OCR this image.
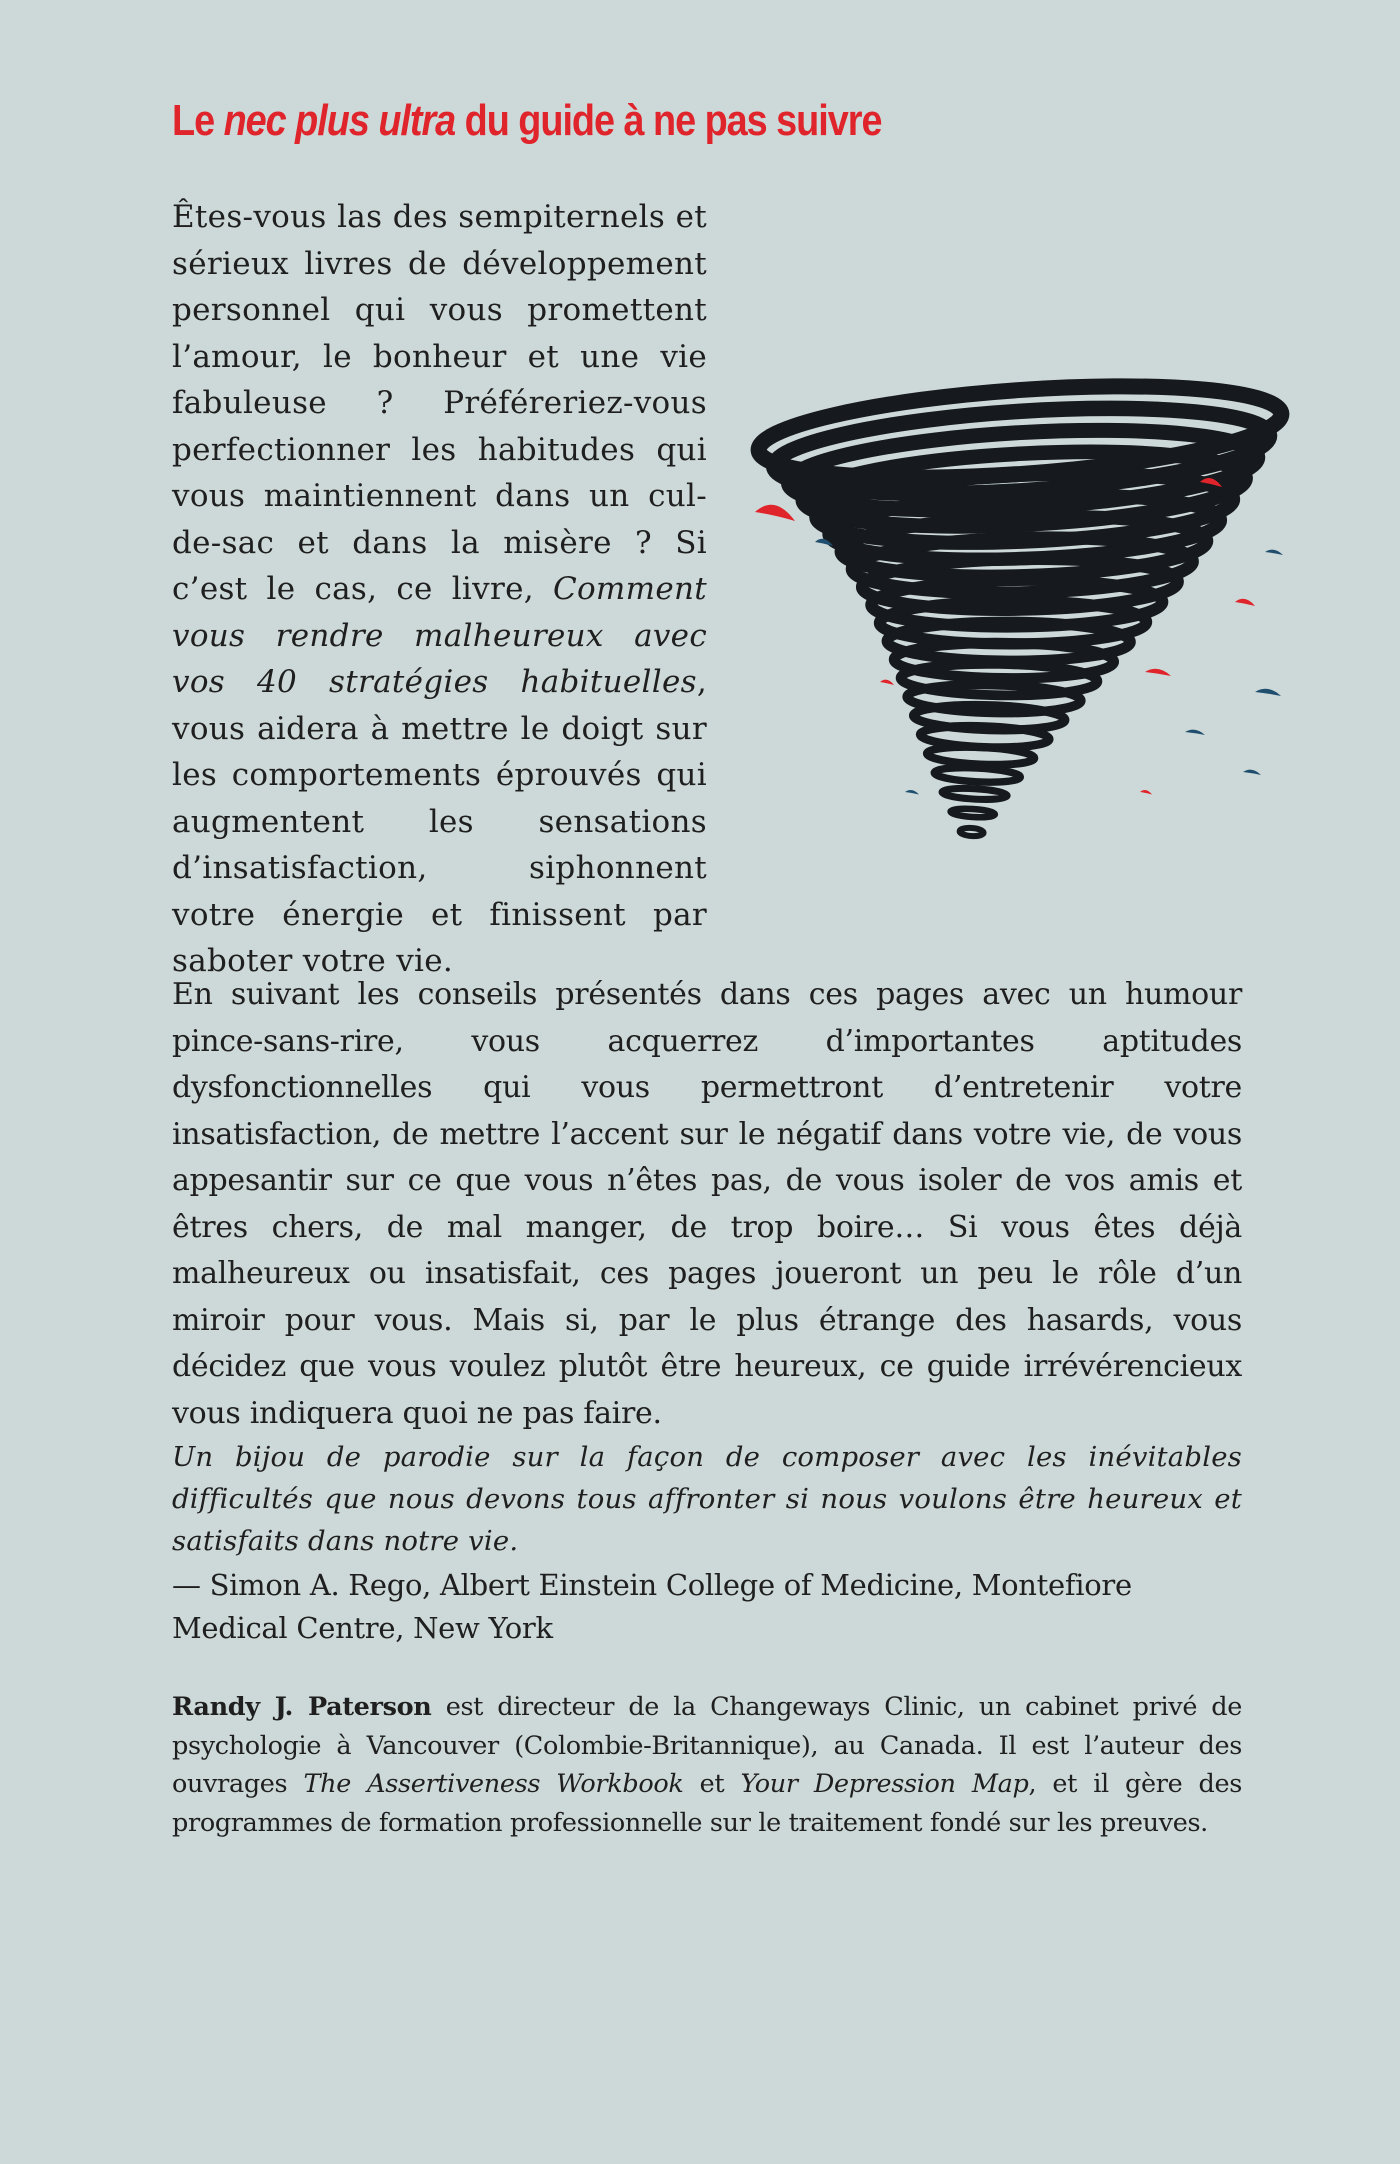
Le nec plus ultra du guide à ne pas suivre

Êtes-vous las des sempiternels et sérieux livres de développement personnel qui vous promettent l’amour, le bonheur et une vie fabuleuse ? Préféreriez-vous perfectionner les habitudes qui vous maintiennent dans un cul-de-sac et dans la misère ? Si c’est le cas, ce livre, Comment vous rendre malheureux avec vos 40 stratégies habituelles, vous aidera à mettre le doigt sur les comportements éprouvés qui augmentent les sensations d’insatisfaction, siphonnent votre énergie et finissent par saboter votre vie.

En suivant les conseils présentés dans ces pages avec un humour pince-sans-rire, vous acquerrez d’importantes aptitudes dysfonctionnelles qui vous permettront d’entretenir votre insatisfaction, de mettre l’accent sur le négatif dans votre vie, de vous appesantir sur ce que vous n’êtes pas, de vous isoler de vos amis et êtres chers, de mal manger, de trop boire… Si vous êtes déjà malheureux ou insatisfait, ces pages joueront un peu le rôle d’un miroir pour vous. Mais si, par le plus étrange des hasards, vous décidez que vous voulez plutôt être heureux, ce guide irrévérencieux vous indiquera quoi ne pas faire.

Un bijou de parodie sur la façon de composer avec les inévitables difficultés que nous devons tous affronter si nous voulons être heureux et satisfaits dans notre vie.

— Simon A. Rego, Albert Einstein College of Medicine, Montefiore Medical Centre, New York

Randy J. Paterson est directeur de la Changeways Clinic, un cabinet privé de psychologie à Vancouver (Colombie-Britannique), au Canada. Il est l’auteur des ouvrages The Assertiveness Workbook et Your Depression Map, et il gère des programmes de formation professionnelle sur le traitement fondé sur les preuves.
